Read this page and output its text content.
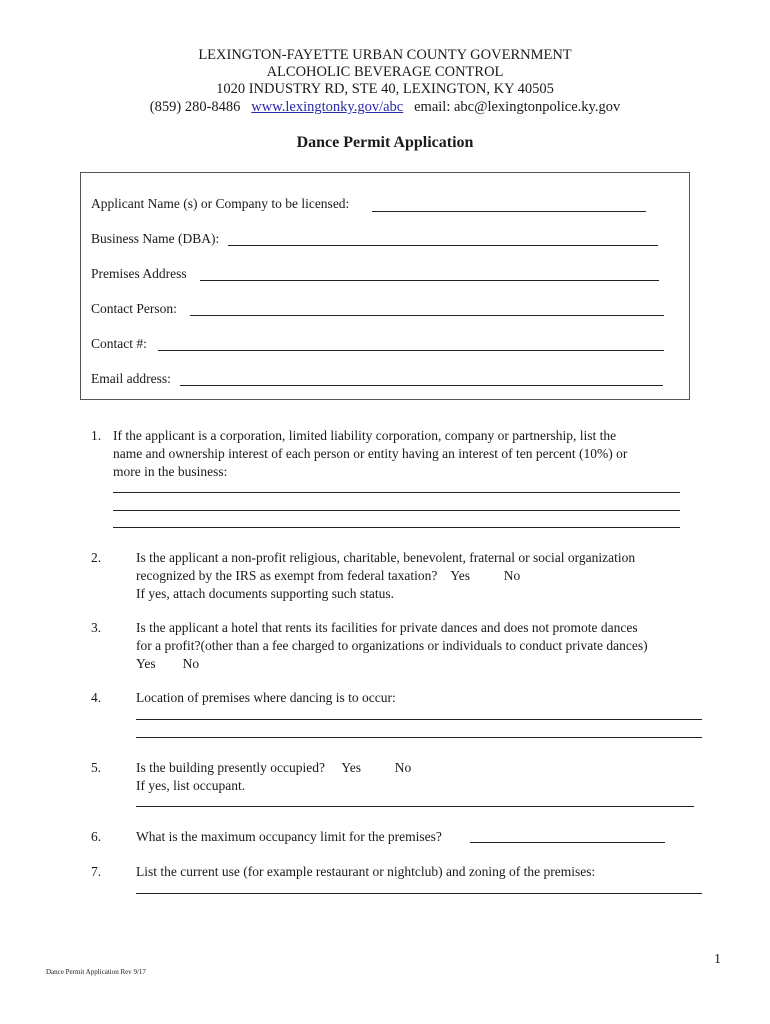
LEXINGTON-FAYETTE URBAN COUNTY GOVERNMENT
ALCOHOLIC BEVERAGE CONTROL
1020 INDUSTRY RD, STE 40, LEXINGTON, KY 40505
(859) 280-8486 www.lexingtonky.gov/abc email: abc@lexingtonpolice.ky.gov
Dance Permit Application
Applicant Name (s) or Company to be licensed:
Business Name (DBA):
Premises Address
Contact Person:
Contact #:
Email address:
1. If the applicant is a corporation, limited liability corporation, company or partnership, list the
name and ownership interest of each person or entity having an interest of ten percent (10%) or
more in the business:
2.	Is the applicant a non-profit religious, charitable, benevolent, fraternal or social organization
recognized by the IRS as exempt from federal taxation? Yes	No
If yes, attach documents supporting such status.
3.	Is the applicant a hotel that rents its facilities for private dances and does not promote dances
for a profit?(other than a fee charged to organizations or individuals to conduct private dances)
Yes No
4.	Location of premises where dancing is to occur:
5.	Is the building presently occupied? Yes	No
If yes, list occupant.
6.	What is the maximum occupancy limit for the premises?
7.	List the current use (for example restaurant or nightclub) and zoning of the premises:
1
Dance Permit Application Rev 9/17
